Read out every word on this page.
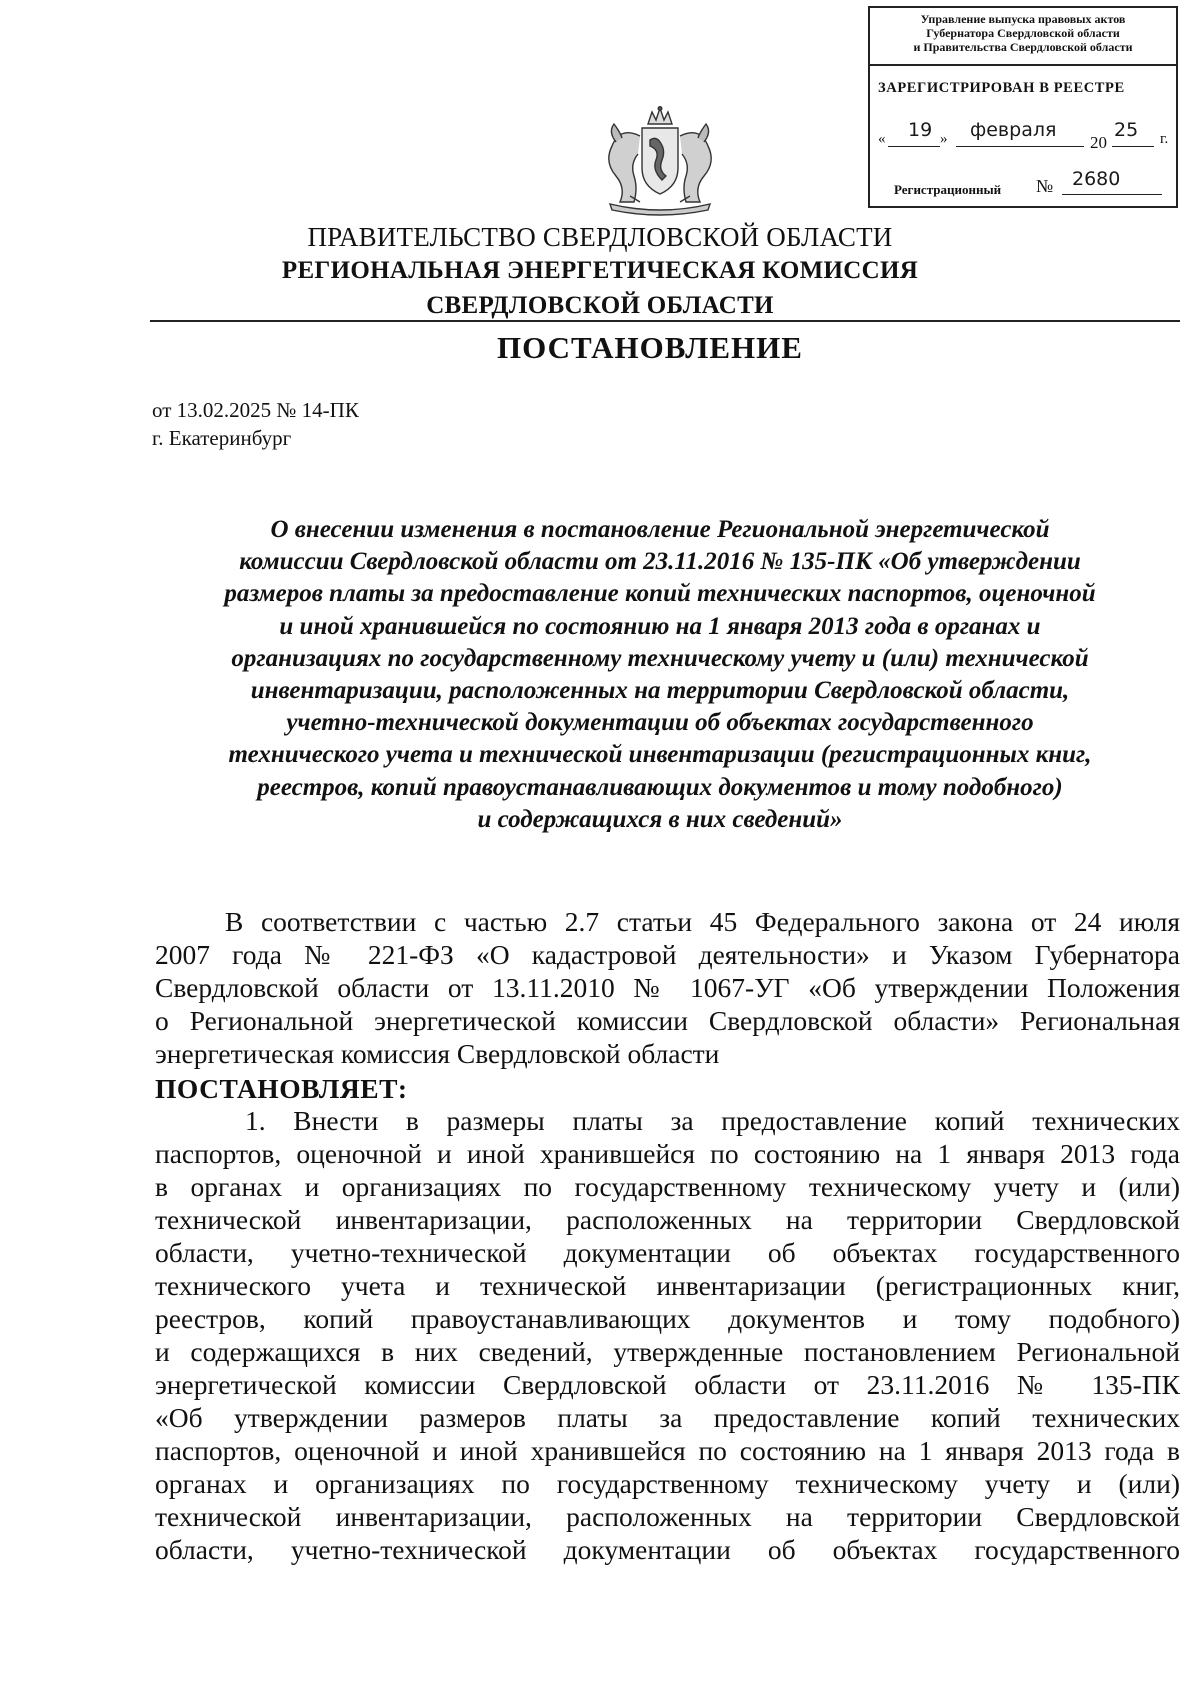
Управление выпуска правовых актов
Губернатора Свердловской области
и Правительства Свердловской области
ЗАРЕГИСТРИРОВАН В РЕЕСТРЕ
« 19 » февраля
20
25 г.
Регистрационный № 2680
ПРАВИТЕЛЬСТВО СВЕРДЛОВСКОЙ ОБЛАСТИ
РЕГИОНАЛЬНАЯ ЭНЕРГЕТИЧЕСКАЯ КОМИССИЯ
СВЕРДЛОВСКОЙ ОБЛАСТИ
ПОСТАНОВЛЕНИЕ
от 13.02.2025 № 14-ПК
г. Екатеринбург
О внесении изменения в постановление Региональной энергетической
комиссии Свердловской области от 23.11.2016 № 135-ПК «Об утверждении
размеров платы за предоставление копий технических паспортов, оценочной
и иной хранившейся по состоянию на 1 января 2013 года в органах и
организациях по государственному техническому учету и (или) технической
инвентаризации, расположенных на территории Свердловской области,
учетно-технической документации об объектах государственного
технического учета и технической инвентаризации (регистрационных книг,
реестров, копий правоустанавливающих документов и тому подобного)
и содержащихся в них сведений»
В соответствии с частью 2.7 статьи 45 Федерального закона от 24 июля
2007 года № 221-ФЗ «О кадастровой деятельности» и Указом Губернатора
Свердловской области от 13.11.2010 № 1067-УГ «Об утверждении Положения
о Региональной энергетической комиссии Свердловской области» Региональная
энергетическая комиссия Свердловской области
ПОСТАНОВЛЯЕТ:
1. Внести в размеры платы за предоставление копий технических
паспортов, оценочной и иной хранившейся по состоянию на 1 января 2013 года
в органах и организациях по государственному техническому учету и (или)
технической инвентаризации, расположенных на территории Свердловской
области, учетно-технической документации об объектах государственного
технического учета и технической инвентаризации (регистрационных книг,
реестров, копий правоустанавливающих документов и тому подобного)
и содержащихся в них сведений, утвержденные постановлением Региональной
энергетической комиссии Свердловской области от 23.11.2016 № 135-ПК
«Об утверждении размеров платы за предоставление копий технических
паспортов, оценочной и иной хранившейся по состоянию на 1 января 2013 года в
органах и организациях по государственному техническому учету и (или)
технической инвентаризации, расположенных на территории Свердловской
области, учетно-технической документации об объектах государственного
